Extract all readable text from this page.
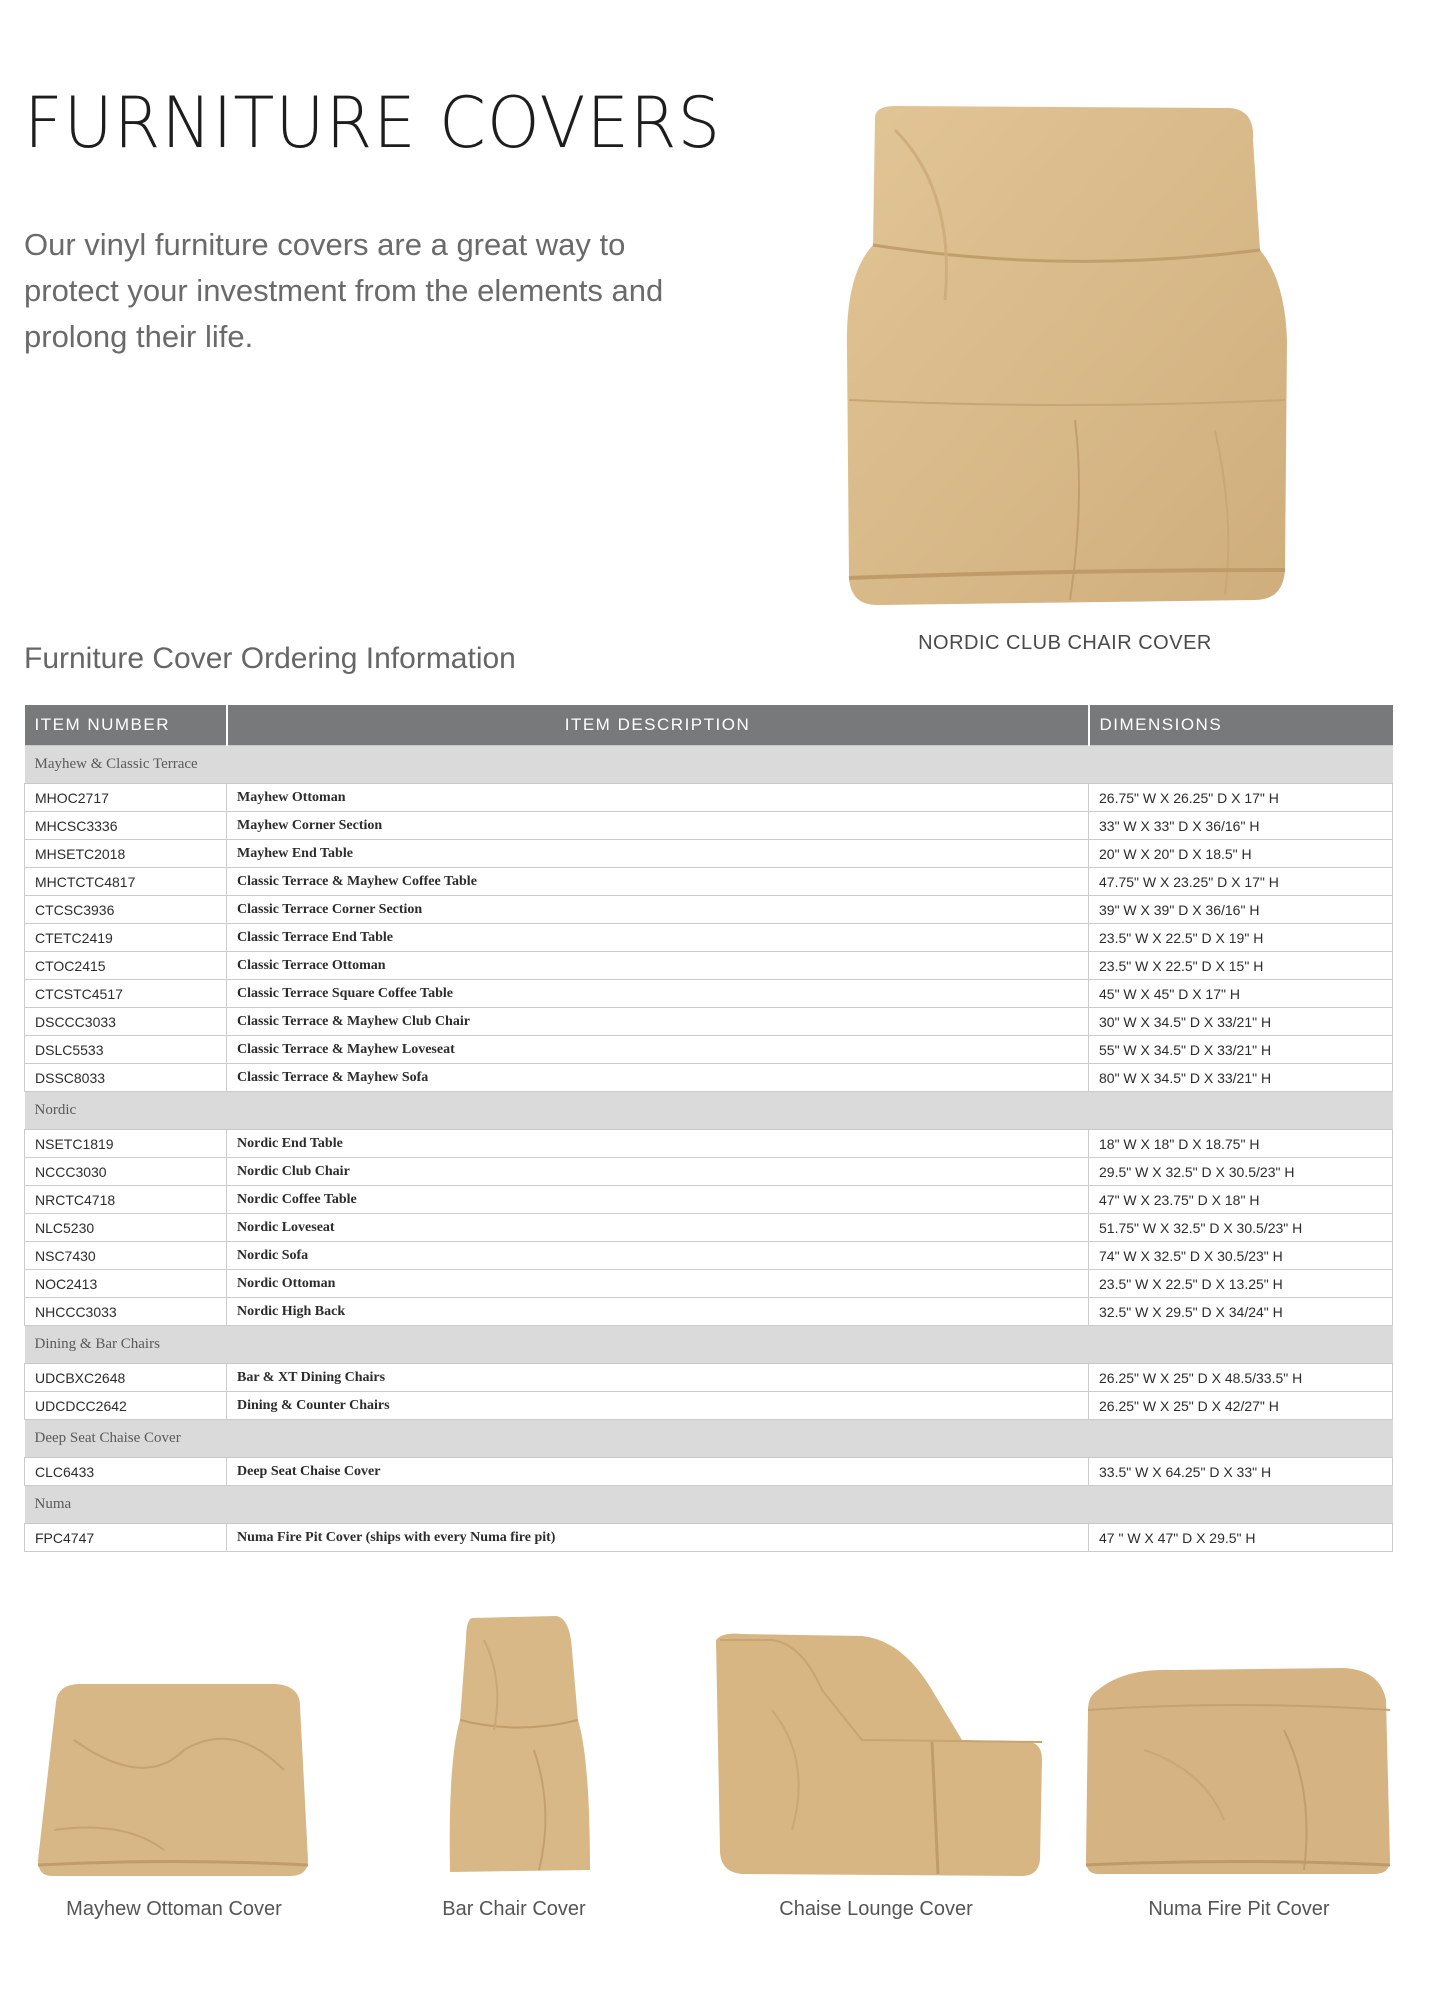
FURNITURE COVERS

Our vinyl furniture covers are a great way to protect your investment from the elements and prolong their life.

NORDIC CLUB CHAIR COVER
Furniture Cover Ordering Information
ITEM NUMBER	ITEM DESCRIPTION	DIMENSIONS
Mayhew & Classic Terrace		
MHOC2717	Mayhew Ottoman	26.75" W X 26.25" D X 17" H
MHCSC3336	Mayhew Corner Section	33" W X 33" D X 36/16" H
MHSETC2018	Mayhew End Table	20" W X 20" D X 18.5" H
MHCTCTC4817	Classic Terrace & Mayhew Coffee Table	47.75" W X 23.25" D X 17" H
CTCSC3936	Classic Terrace Corner Section	39" W X 39" D X 36/16" H
CTETC2419	Classic Terrace End Table	23.5" W X 22.5" D X 19" H
CTOC2415	Classic Terrace Ottoman	23.5" W X 22.5" D X 15" H
CTCSTC4517	Classic Terrace Square Coffee Table	45" W X 45" D X 17" H
DSCCC3033	Classic Terrace & Mayhew Club Chair	30" W X 34.5" D X 33/21" H
DSLC5533	Classic Terrace & Mayhew Loveseat	55" W X 34.5" D X 33/21" H
DSSC8033	Classic Terrace & Mayhew Sofa	80" W X 34.5" D X 33/21" H
Nordic		
NSETC1819	Nordic End Table	18" W X 18" D X 18.75" H
NCCC3030	Nordic Club Chair	29.5" W X 32.5" D X 30.5/23" H
NRCTC4718	Nordic Coffee Table	47" W X 23.75" D X 18" H
NLC5230	Nordic Loveseat	51.75" W X 32.5" D X 30.5/23" H
NSC7430	Nordic Sofa	74" W X 32.5" D X 30.5/23" H
NOC2413	Nordic Ottoman	23.5" W X 22.5" D X 13.25" H
NHCCC3033	Nordic High Back	32.5" W X 29.5" D X 34/24" H
Dining & Bar Chairs		
UDCBXC2648	Bar & XT Dining Chairs	26.25" W X 25" D X 48.5/33.5" H
UDCDCC2642	Dining & Counter Chairs	26.25" W X 25" D X 42/27" H
Deep Seat Chaise Cover		
CLC6433	Deep Seat Chaise Cover	33.5" W X 64.25" D X 33" H
Numa		
FPC4747	Numa Fire Pit Cover (ships with every Numa fire pit)	47 " W X 47" D X 29.5" H
Mayhew Ottoman Cover	Bar Chair Cover	Chaise Lounge Cover	Numa Fire Pit Cover
